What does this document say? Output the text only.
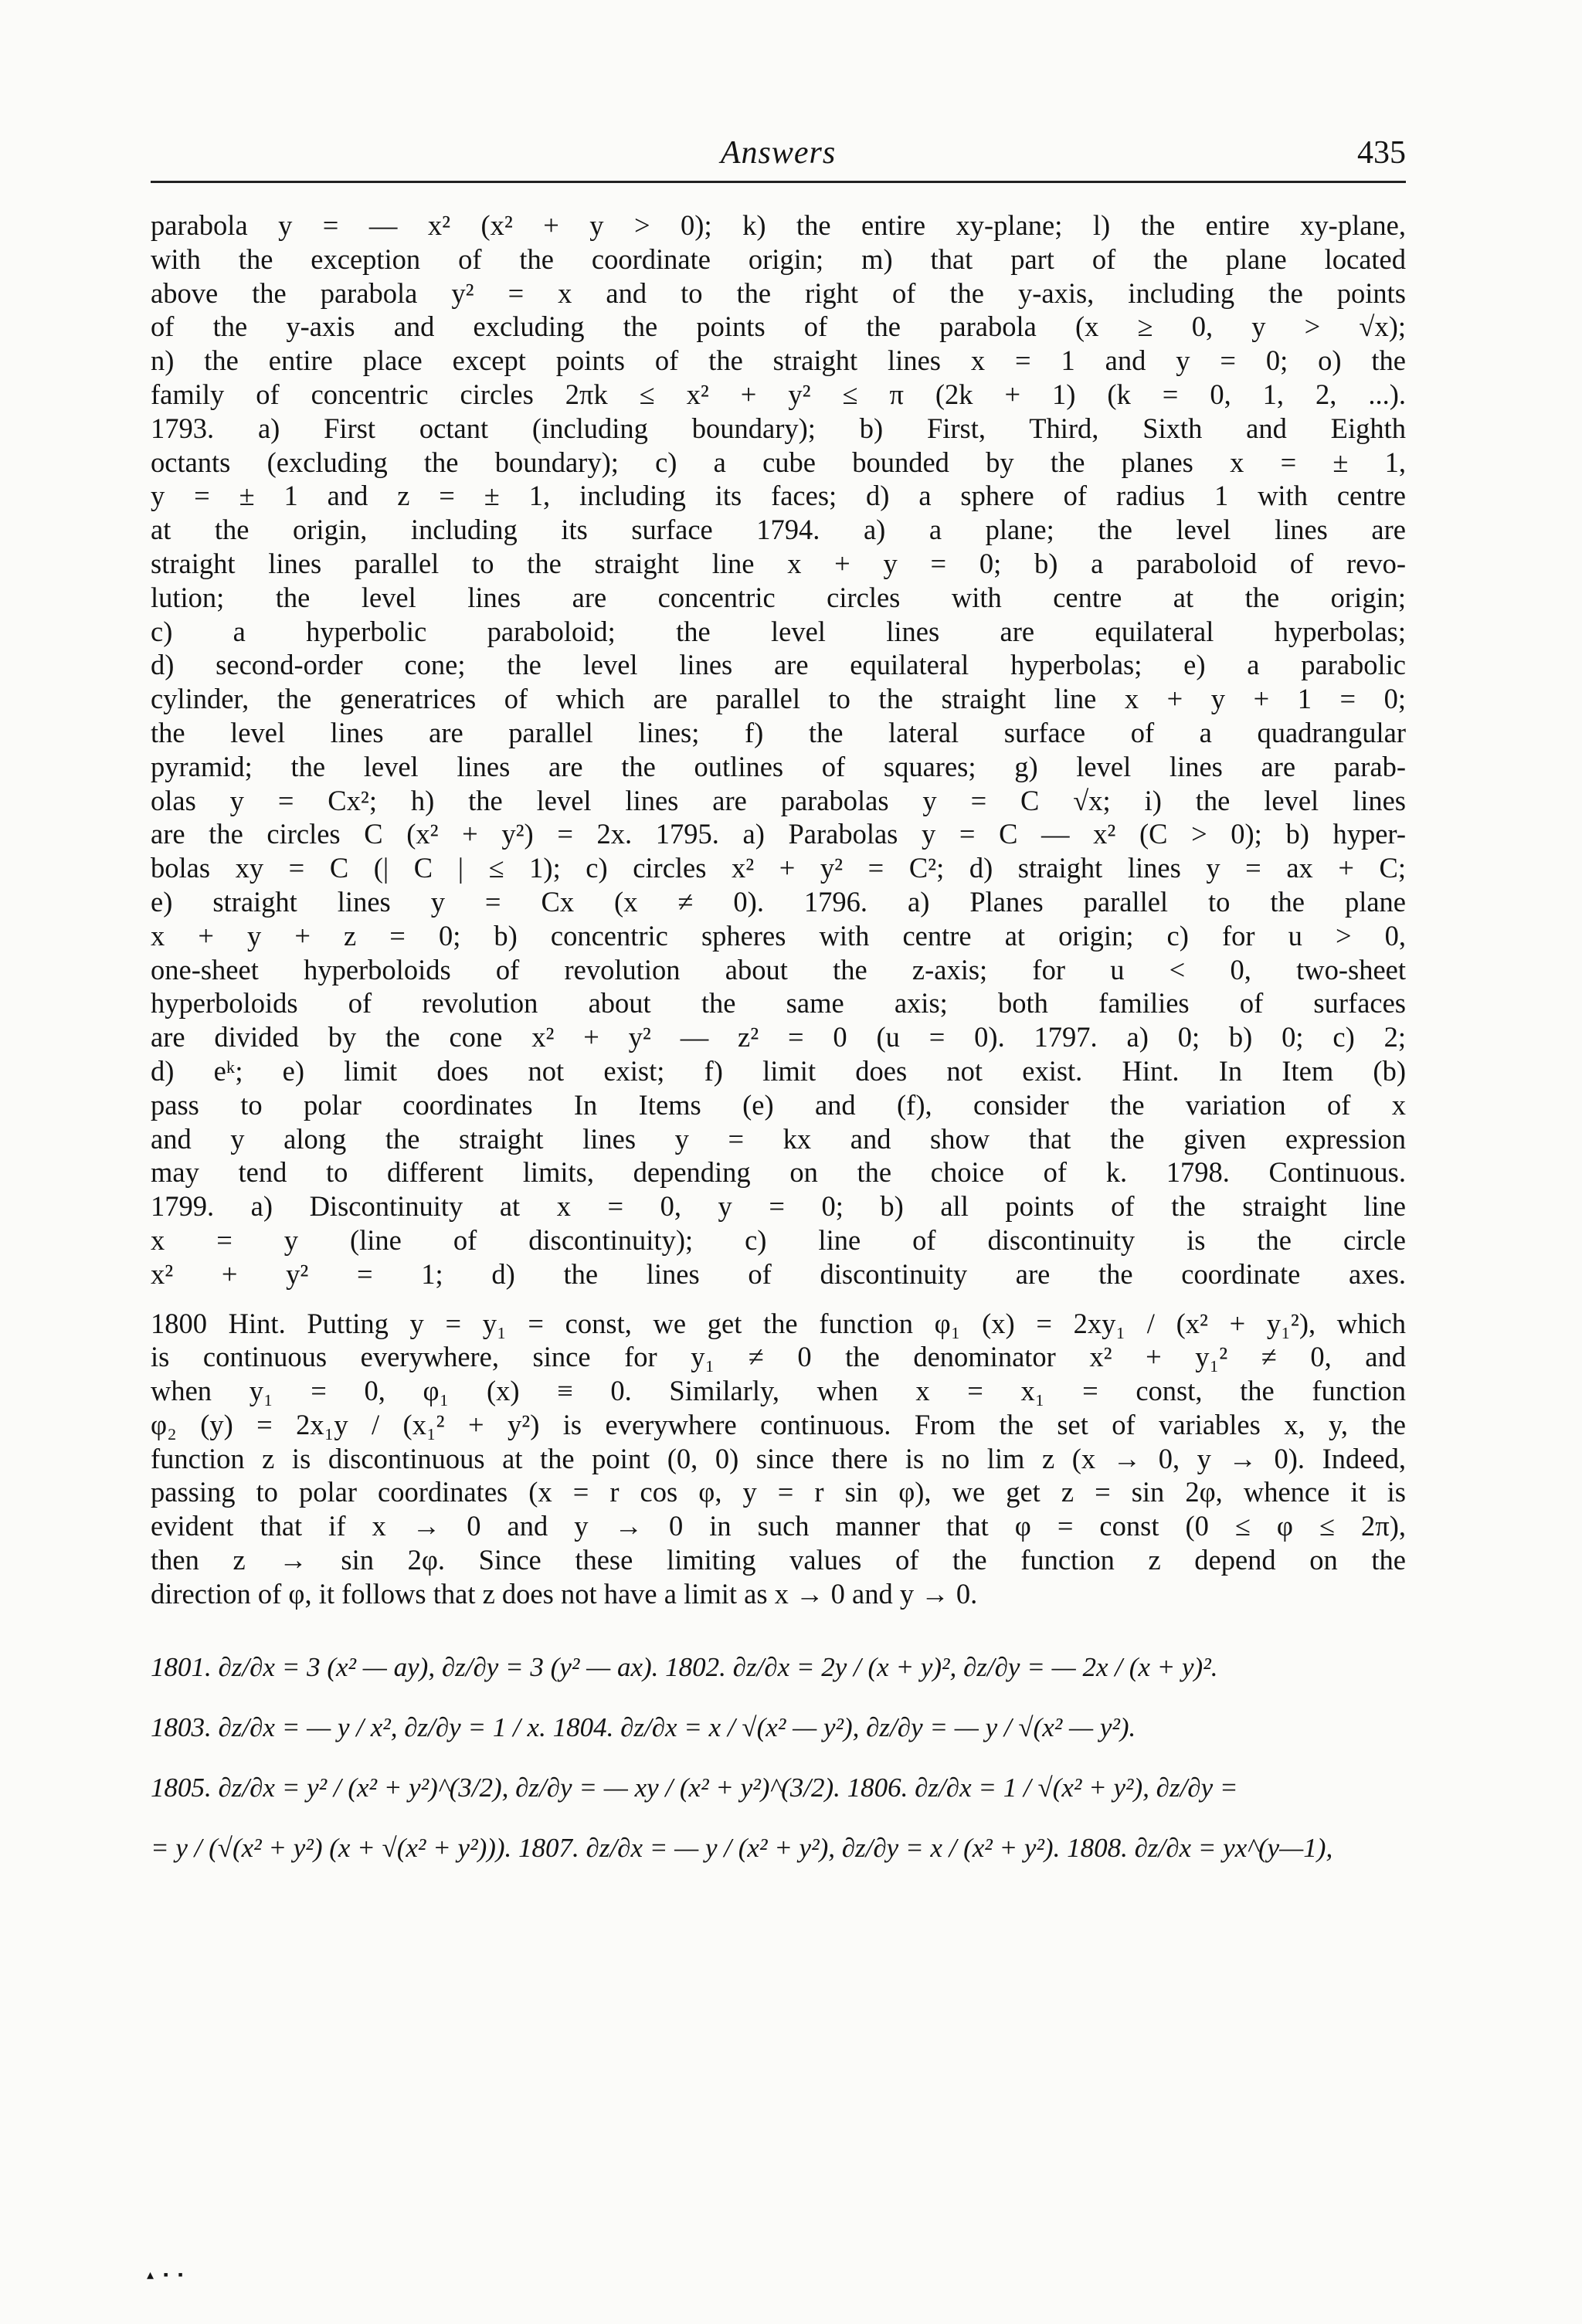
Answers	435
parabola y = — x² (x² + y > 0); k) the entire xy-plane; l) the entire xy-plane,
with the exception of the coordinate origin; m) that part of the plane located
above the parabola y² = x and to the right of the y-axis, including the points
of the y-axis and excluding the points of the parabola (x ≥ 0, y > √x);
n) the entire place except points of the straight lines x = 1 and y = 0; o) the
family of concentric circles 2πk ≤ x² + y² ≤ π (2k + 1) (k = 0, 1, 2, ...).
1793. a) First octant (including boundary); b) First, Third, Sixth and Eighth
octants (excluding the boundary); c) a cube bounded by the planes x = ± 1,
y = ± 1 and z = ± 1, including its faces; d) a sphere of radius 1 with centre
at the origin, including its surface 1794. a) a plane; the level lines are
straight lines parallel to the straight line x + y = 0; b) a paraboloid of revo-
lution; the level lines are concentric circles with centre at the origin;
c) a hyperbolic paraboloid; the level lines are equilateral hyperbolas;
d) second-order cone; the level lines are equilateral hyperbolas; e) a parabolic
cylinder, the generatrices of which are parallel to the straight line x + y + 1 = 0;
the level lines are parallel lines; f) the lateral surface of a quadrangular
pyramid; the level lines are the outlines of squares; g) level lines are parab-
olas y = Cx²; h) the level lines are parabolas y = C √x; i) the level lines
are the circles C (x² + y²) = 2x. 1795. a) Parabolas y = C — x² (C > 0); b) hyper-
bolas xy = C (| C | ≤ 1); c) circles x² + y² = C²; d) straight lines y = ax + C;
e) straight lines y = Cx (x ≠ 0). 1796. a) Planes parallel to the plane
x + y + z = 0; b) concentric spheres with centre at origin; c) for u > 0,
one-sheet hyperboloids of revolution about the z-axis; for u < 0, two-sheet
hyperboloids of revolution about the same axis; both families of surfaces
are divided by the cone x² + y² — z² = 0 (u = 0). 1797. a) 0; b) 0; c) 2;
d) eᵏ; e) limit does not exist; f) limit does not exist. Hint. In Item (b)
pass to polar coordinates In Items (e) and (f), consider the variation of x
and y along the straight lines y = kx and show that the given expression
may tend to different limits, depending on the choice of k. 1798. Continuous.
1799. a) Discontinuity at x = 0, y = 0; b) all points of the straight line
x = y (line of discontinuity); c) line of discontinuity is the circle
x² + y² = 1; d) the lines of discontinuity are the coordinate axes.
1800 Hint. Putting y = y₁ = const, we get the function φ₁ (x) = 2xy₁ / (x² + y₁²), which
is continuous everywhere, since for y₁ ≠ 0 the denominator x² + y₁² ≠ 0, and
when y₁ = 0, φ₁ (x) ≡ 0. Similarly, when x = x₁ = const, the function
φ₂ (y) = 2x₁y / (x₁² + y²) is everywhere continuous. From the set of variables x, y, the
function z is discontinuous at the point (0, 0) since there is no lim z (x → 0, y → 0). Indeed,
passing to polar coordinates (x = r cos φ, y = r sin φ), we get z = sin 2φ, whence it is
evident that if x → 0 and y → 0 in such manner that φ = const (0 ≤ φ ≤ 2π),
then z → sin 2φ. Since these limiting values of the function z depend on the
direction of φ, it follows that z does not have a limit as x → 0 and y → 0.
1801. ∂z/∂x = 3 (x² — ay), ∂z/∂y = 3 (y² — ax). 1802. ∂z/∂x = 2y / (x + y)², ∂z/∂y = — 2x / (x + y)².
1803. ∂z/∂x = — y / x², ∂z/∂y = 1 / x. 1804. ∂z/∂x = x / √(x² — y²), ∂z/∂y = — y / √(x² — y²).
1805. ∂z/∂x = y² / (x² + y²)^(3/2), ∂z/∂y = — xy / (x² + y²)^(3/2). 1806. ∂z/∂x = 1 / √(x² + y²), ∂z/∂y =
= y / (√(x² + y²) (x + √(x² + y²))). 1807. ∂z/∂x = — y / (x² + y²), ∂z/∂y = x / (x² + y²). 1808. ∂z/∂x = yx^(y—1),
▴ ▪ ▪
